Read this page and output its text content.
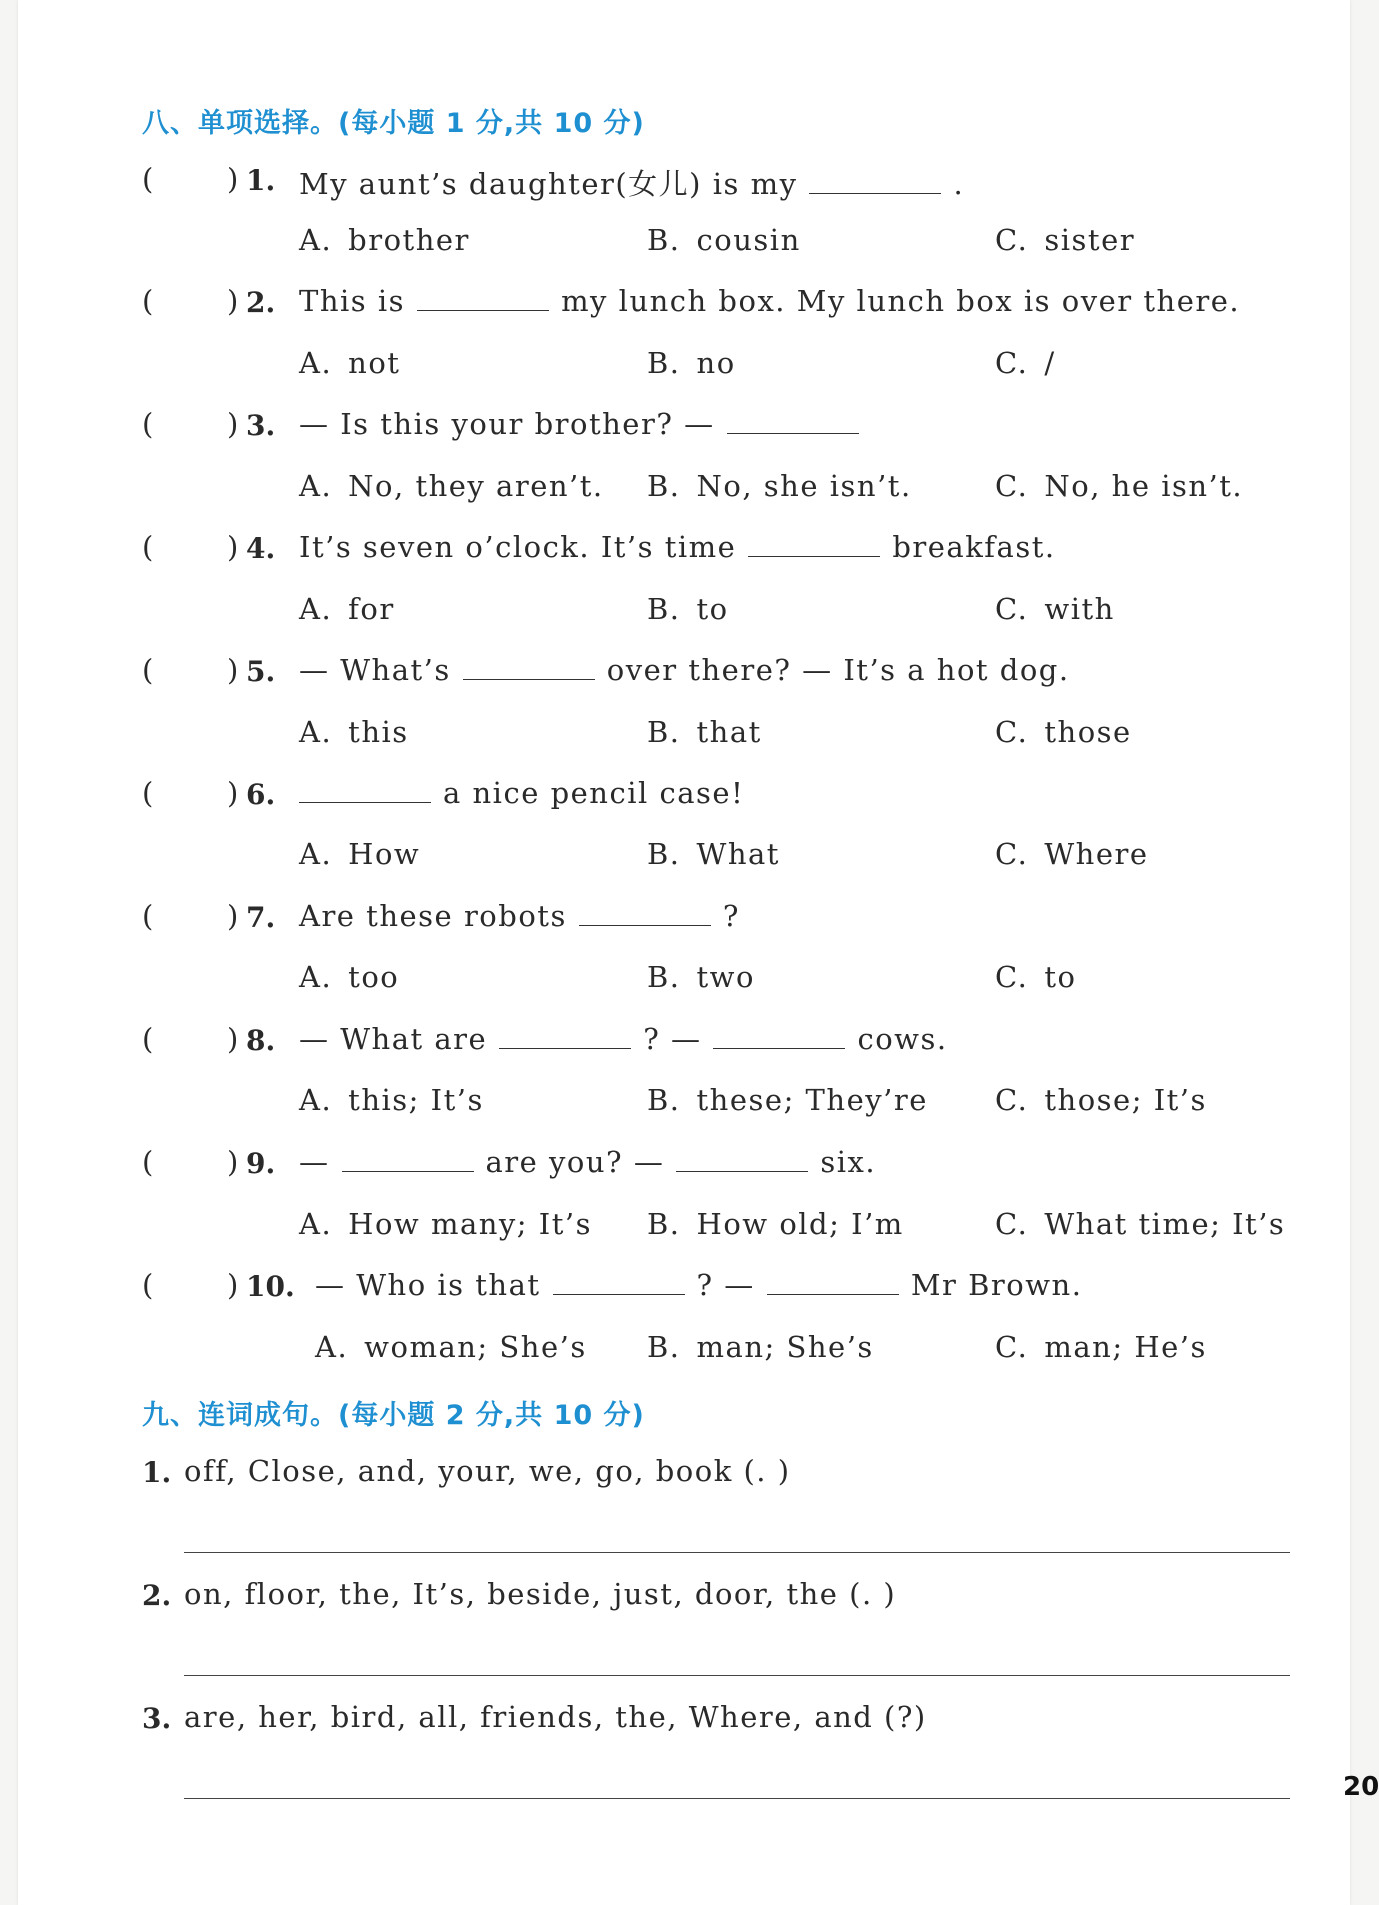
八、单项选择。(每小题 1 分,共 10 分)
(	) 1. My aunt’s daughter(女儿) is my	.
A. brother	B. cousin	C. sister
(	) 2. This is	my lunch box. My lunch box is over there.
A. not	B. no	C. /
(	) 3. — Is this your brother? —
A. No, they aren’t. B. No, she isn’t.	C. No, he isn’t.
(	) 4. It’s seven o’clock. It’s time	breakfast.
A. for	B. to	C. with
(	) 5. — What’s	over there? — It’s a hot dog.
A. this	B. that	C. those
(	) 6.	a nice pencil case!
A. How	B. What	C. Where
(	) 7. Are these robots	?
A. too	B. two	C. to
(	) 8. — What are	? —	cows.
A. this; It’s	B. these; They’re C. those; It’s
(	) 9. —	are you? —	six.
A. How many; It’s B. How old; I’m	C. What time; It’s
(	) 10. — Who is that	? —	Mr Brown.
A. woman; She’s B. man; She’s	C. man; He’s
九、连词成句。(每小题 2 分,共 10 分)
1. off, Close, and, your, we, go, book (. )
2. on, floor, the, It’s, beside, just, door, the (. )
3. are, her, bird, all, friends, the, Where, and (?)
20
